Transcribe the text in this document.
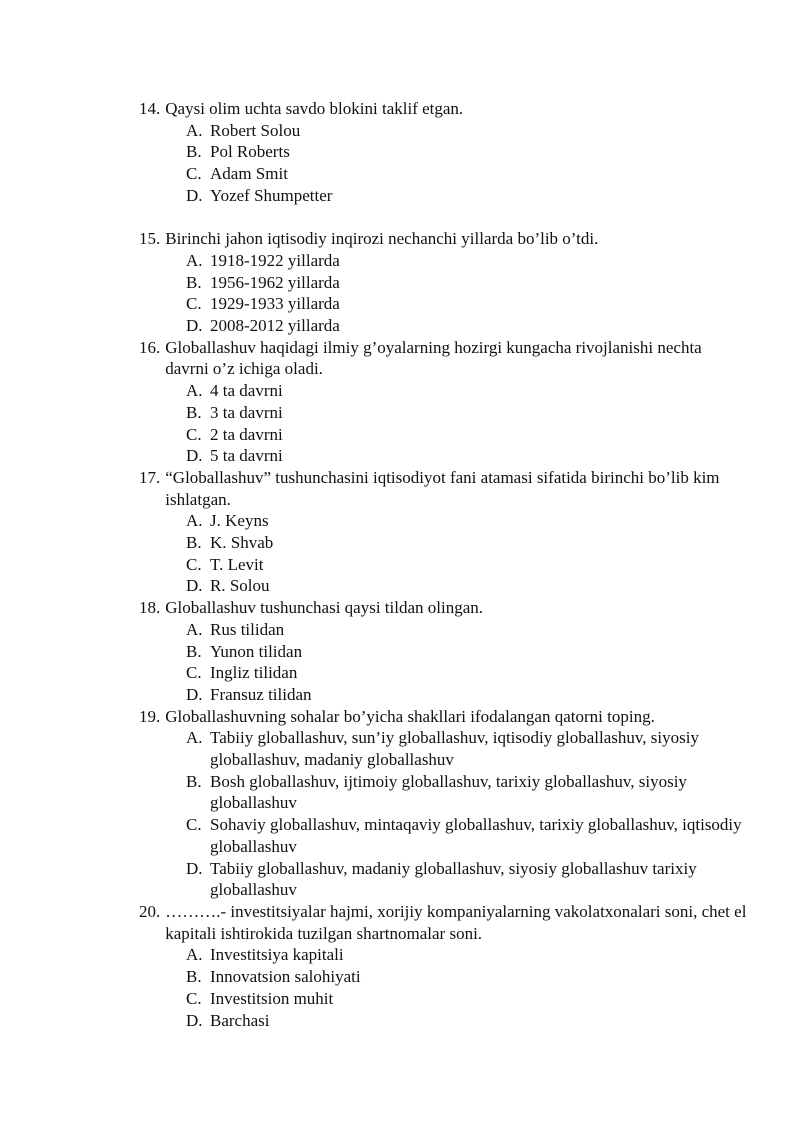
14. Qaysi olim uchta savdo blokini taklif etgan.
A. Robert Solou
B. Pol Roberts
C. Adam Smit
D. Yozef Shumpetter
15. Birinchi jahon iqtisodiy inqirozi nechanchi yillarda bo’lib o’tdi.
A. 1918-1922 yillarda
B. 1956-1962 yillarda
C. 1929-1933 yillarda
D. 2008-2012 yillarda
16. Globallashuv haqidagi ilmiy g’oyalarning hozirgi kungacha rivojlanishi nechta davrni o’z ichiga oladi.
A. 4 ta davrni
B. 3 ta davrni
C. 2 ta davrni
D. 5 ta davrni
17. “Globallashuv” tushunchasini iqtisodiyot fani atamasi sifatida birinchi bo’lib kim ishlatgan.
A. J. Keyns
B. K. Shvab
C. T. Levit
D. R. Solou
18. Globallashuv tushunchasi qaysi tildan olingan.
A. Rus tilidan
B. Yunon tilidan
C. Ingliz tilidan
D. Fransuz tilidan
19. Globallashuvning sohalar bo’yicha shakllari ifodalangan qatorni toping.
A. Tabiiy globallashuv, sun’iy globallashuv, iqtisodiy globallashuv, siyosiy globallashuv, madaniy globallashuv
B. Bosh globallashuv, ijtimoiy globallashuv, tarixiy globallashuv, siyosiy globallashuv
C. Sohaviy globallashuv, mintaqaviy globallashuv, tarixiy globallashuv, iqtisodiy globallashuv
D. Tabiiy globallashuv, madaniy globallashuv, siyosiy globallashuv tarixiy globallashuv
20. ……….- investitsiyalar hajmi, xorijiy kompaniyalarning vakolatxonalari soni, chet el kapitali ishtirokida tuzilgan shartnomalar soni.
A. Investitsiya kapitali
B. Innovatsion salohiyati
C. Investitsion muhit
D. Barchasi
